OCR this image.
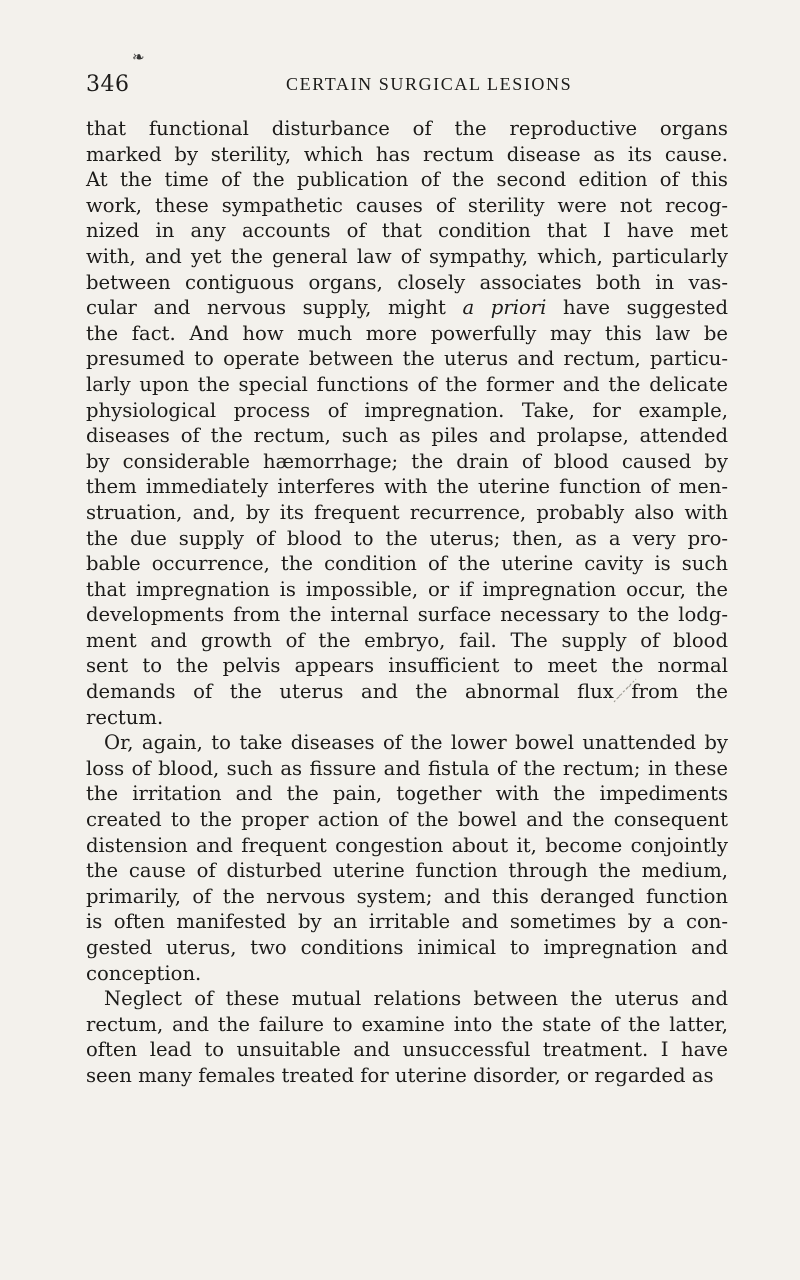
❧
346	CERTAIN SURGICAL LESIONS
that functional disturbance of the reproductive organs
marked by sterility, which has rectum disease as its cause.
At the time of the publication of the second edition of this
work, these sympathetic causes of sterility were not recog-
nized in any accounts of that condition that I have met
with, and yet the general law of sympathy, which, particularly
between contiguous organs, closely associates both in vas-
cular and nervous supply, might a priori have suggested
the fact. And how much more powerfully may this law be
presumed to operate between the uterus and rectum, particu-
larly upon the special functions of the former and the delicate
physiological process of impregnation. Take, for example,
diseases of the rectum, such as piles and prolapse, attended
by considerable hæmorrhage; the drain of blood caused by
them immediately interferes with the uterine function of men-
struation, and, by its frequent recurrence, probably also with
the due supply of blood to the uterus; then, as a very pro-
bable occurrence, the condition of the uterine cavity is such
that impregnation is impossible, or if impregnation occur, the
developments from the internal surface necessary to the lodg-
ment and growth of the embryo, fail. The supply of blood
sent to the pelvis appears insufficient to meet the normal
demands of the uterus and the abnormal flux from the
rectum.
Or, again, to take diseases of the lower bowel unattended by
loss of blood, such as fissure and fistula of the rectum; in these
the irritation and the pain, together with the impediments
created to the proper action of the bowel and the consequent
distension and frequent congestion about it, become conjointly
the cause of disturbed uterine function through the medium,
primarily, of the nervous system; and this deranged function
is often manifested by an irritable and sometimes by a con-
gested uterus, two conditions inimical to impregnation and
conception.
Neglect of these mutual relations between the uterus and
rectum, and the failure to examine into the state of the latter,
often lead to unsuitable and unsuccessful treatment. I have
seen many females treated for uterine disorder, or regarded as
